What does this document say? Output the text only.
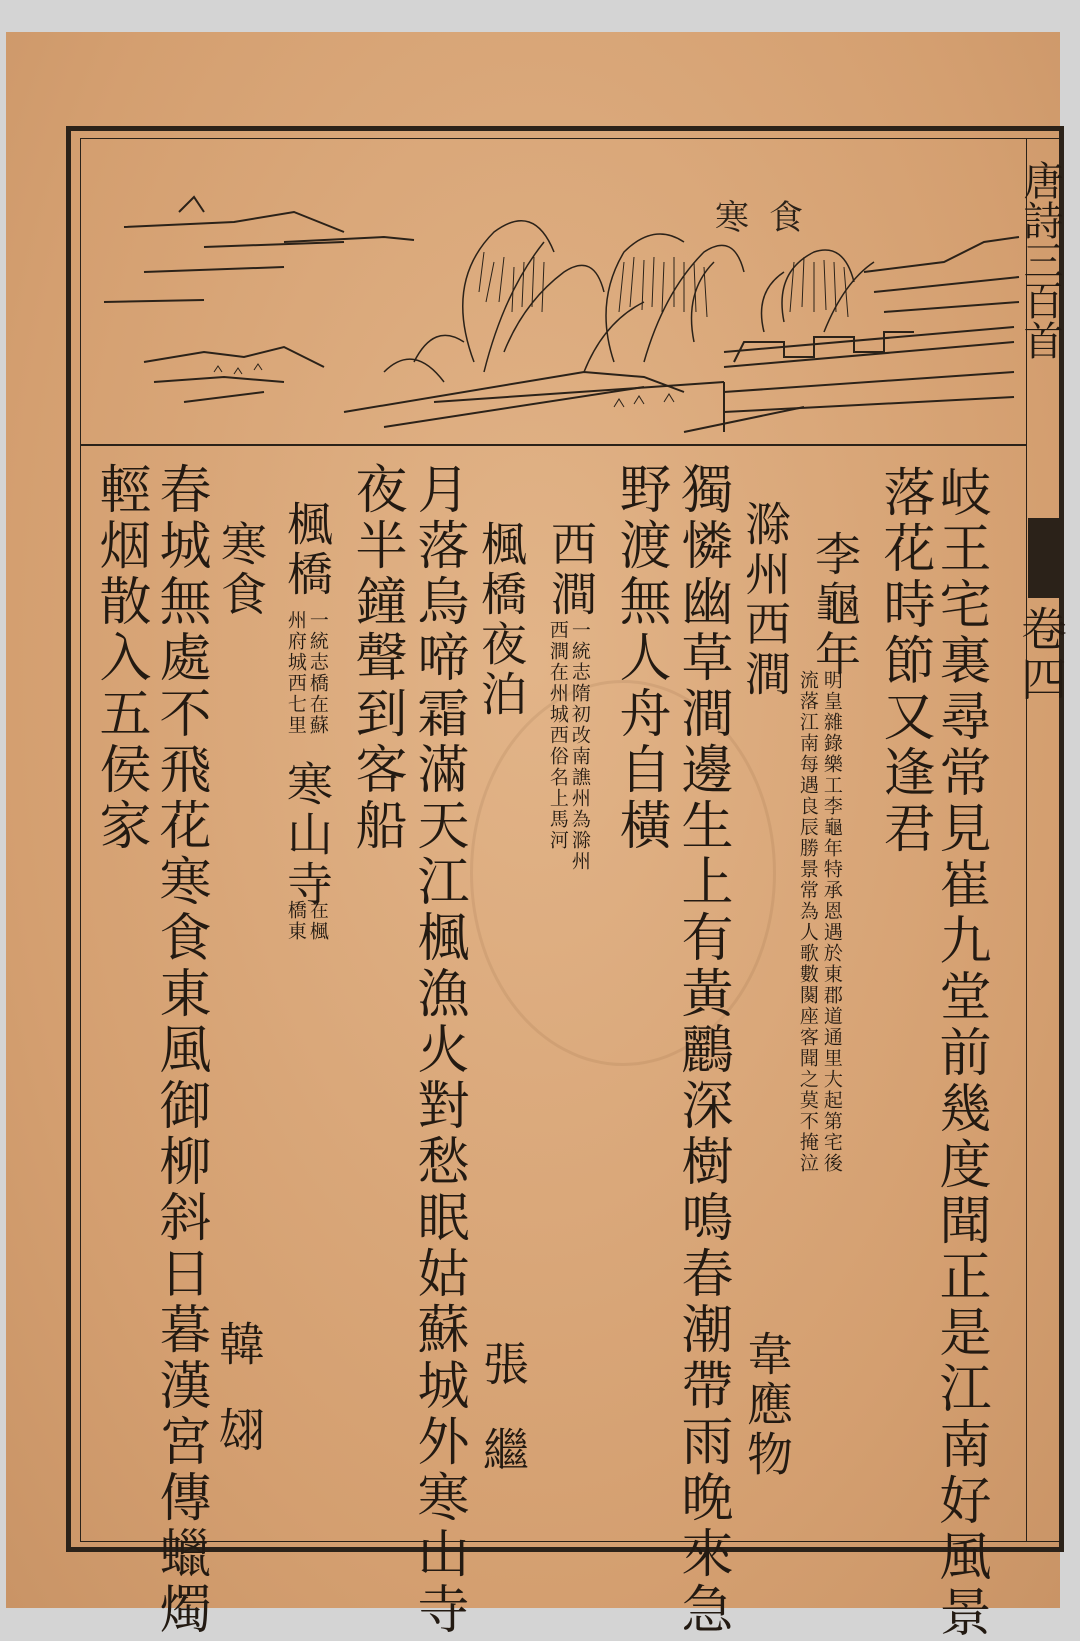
寒食	唐詩三百首
卷四
岐王宅裏尋常見崔九堂前幾度聞正是江南好風景
落花時節又逢君
李龜年
明皇雜錄樂工李龜年特承恩遇於東郡道通里大起第宅後
流落江南每遇良辰勝景常為人歌數闋座客聞之莫不掩泣
滁州西澗
韋應物
獨憐幽草澗邊生上有黃鸝深樹鳴春潮帶雨晚來急
野渡無人舟自橫
西澗
一統志隋初改南譙州為滁州
西澗在州城西俗名上馬河
楓橋夜泊
月落烏啼霜滿天江楓漁火對愁眠姑蘇城外寒山寺 張繼
夜半鐘聲到客船
楓橋
一統志橋在蘇
州府城西七里
寒山寺
在楓
橋東
寒食
韓翃
春城無處不飛花寒食東風御柳斜日暮漢宮傳蠟燭
輕烟散入五侯家
